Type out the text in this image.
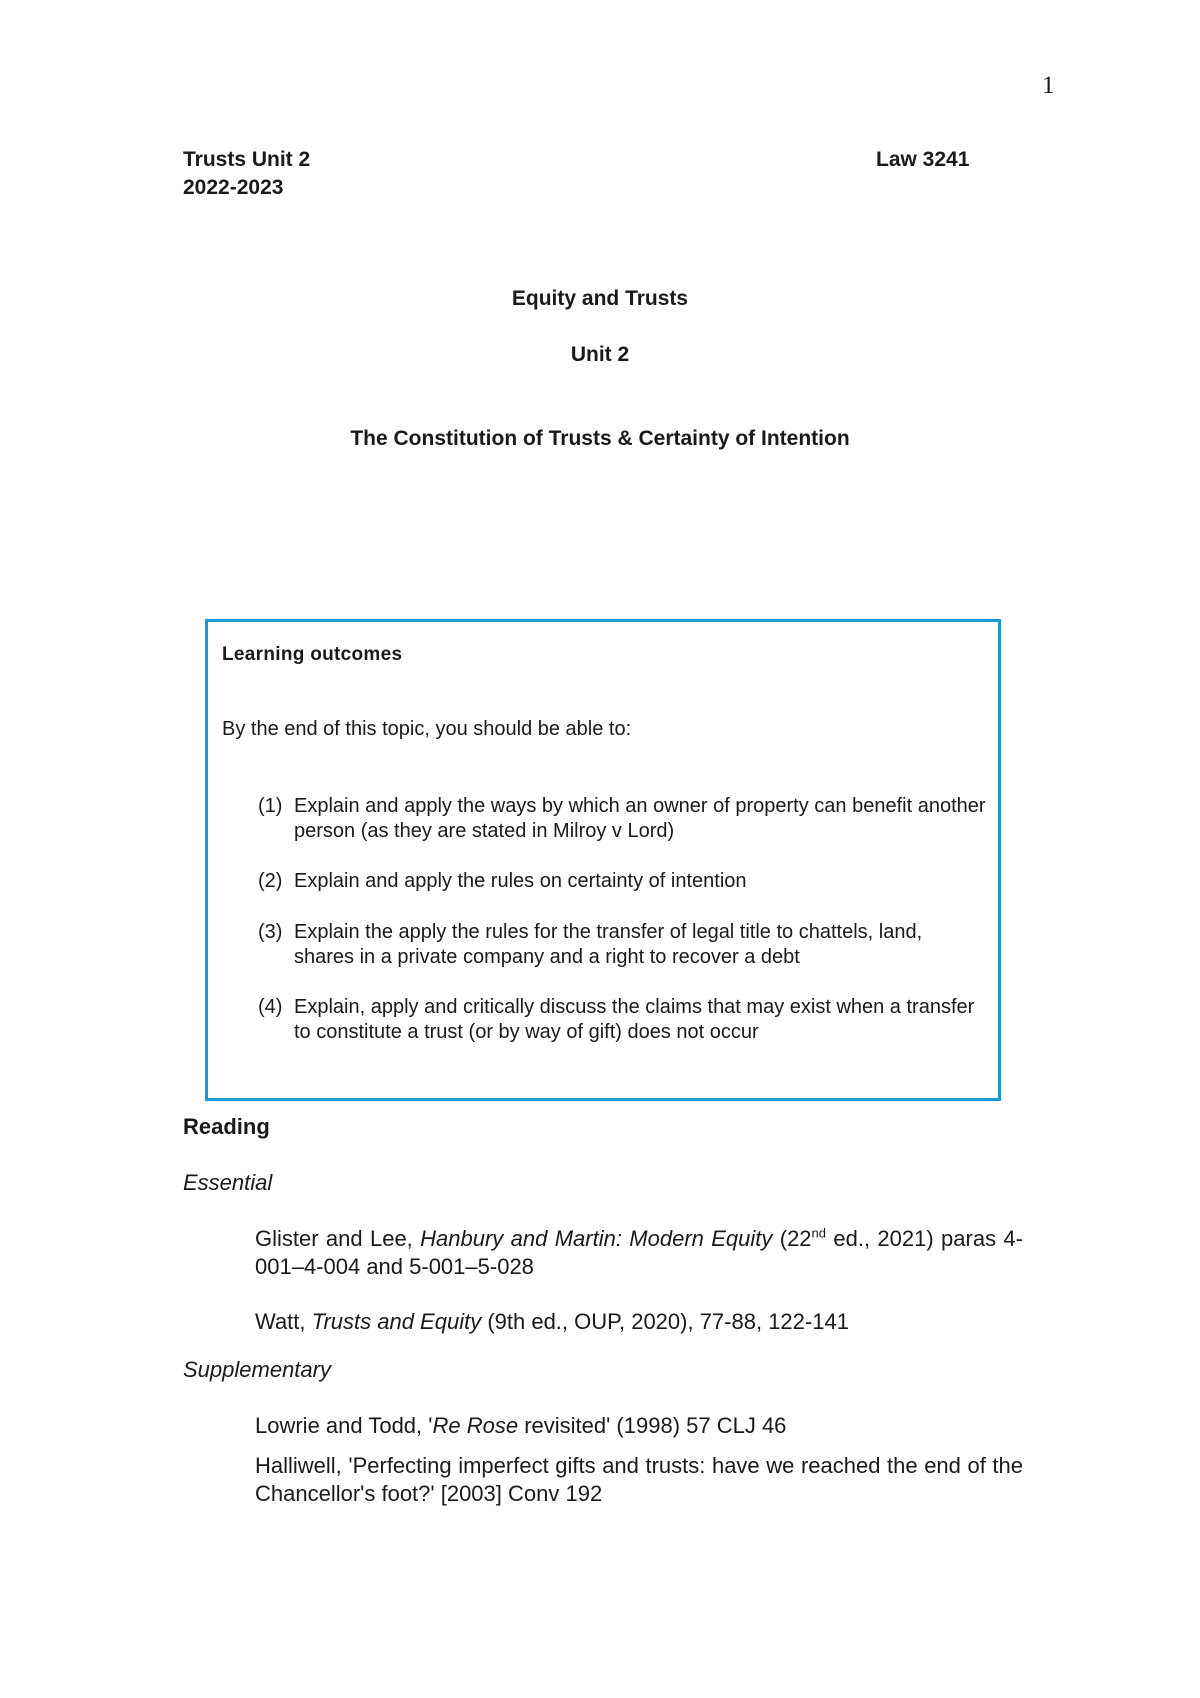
1
Trusts Unit 2
2022-2023
Law 3241
Equity and Trusts
Unit 2
The Constitution of Trusts & Certainty of Intention
Learning outcomes
By the end of this topic, you should be able to:
(1) Explain and apply the ways by which an owner of property can benefit another person (as they are stated in Milroy v Lord)
(2) Explain and apply the rules on certainty of intention
(3) Explain the apply the rules for the transfer of legal title to chattels, land, shares in a private company and a right to recover a debt
(4) Explain, apply and critically discuss the claims that may exist when a transfer to constitute a trust (or by way of gift) does not occur
Reading
Essential
Glister and Lee, Hanbury and Martin: Modern Equity (22nd ed., 2021) paras 4-001–4-004 and 5-001–5-028
Watt, Trusts and Equity (9th ed., OUP, 2020), 77-88, 122-141
Supplementary
Lowrie and Todd, 'Re Rose revisited' (1998) 57 CLJ 46
Halliwell, 'Perfecting imperfect gifts and trusts: have we reached the end of the Chancellor's foot?' [2003] Conv 192
